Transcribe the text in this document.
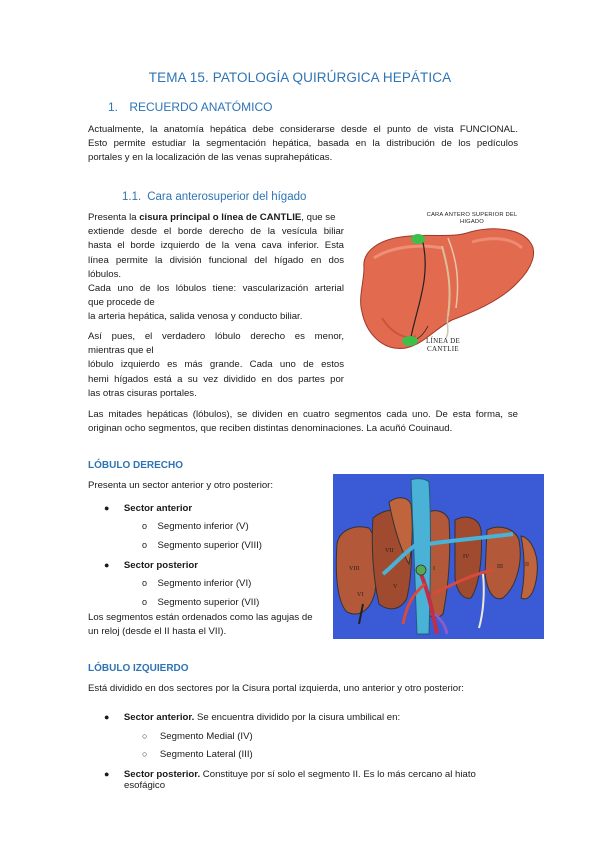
TEMA 15. PATOLOGÍA QUIRÚRGICA HEPÁTICA
1. RECUERDO ANATÓMICO
Actualmente, la anatomía hepática debe considerarse desde el punto de vista FUNCIONAL.
Esto permite estudiar la segmentación hepática, basada en la distribución de los pedículos
portales y en la localización de las venas suprahepáticas.
1.1. Cara anterosuperior del hígado
Presenta la cisura principal o línea de CANTLIE, que se
extiende desde el borde derecho de la vesícula biliar
hasta el borde izquierdo de la vena cava inferior. Esta
línea permite la división funcional del hígado en dos
lóbulos.
Cada uno de los lóbulos tiene: vascularización arterial
que procede de
la arteria hepática, salida venosa y conducto biliar.
Así pues, el verdadero lóbulo derecho es menor,
mientras que el
lóbulo izquierdo es más grande. Cada uno de estos
hemi hígados está a su vez dividido en dos partes por
las otras cisuras portales.
CARA ANTERO SUPERIOR DEL
HIGADO
LÍNEA DE
CANTLIE
Las mitades hepáticas (lóbulos), se dividen en cuatro segmentos cada uno. De esta forma, se
originan ocho segmentos, que reciben distintas denominaciones. La acuñó Couinaud.
LÓBULO DERECHO
Presenta un sector anterior y otro posterior:
● Sector anterior
o Segmento inferior (V)
o Segmento superior (VIII)
● Sector posterior
o Segmento inferior (VI)
o Segmento superior (VII)
Los segmentos están ordenados como las agujas de
un reloj (desde el II hasta el VII).
VIII
VII
V
VI
IV
III	II
I
LÓBULO IZQUIERDO
Está dividido en dos sectores por la Cisura portal izquierda, uno anterior y otro posterior:
● Sector anterior. Se encuentra dividido por la cisura umbilical en:
○ Segmento Medial (IV)
○ Segmento Lateral (III)
● Sector posterior. Constituye por sí solo el segmento II. Es lo más cercano al hiato
esofágico
